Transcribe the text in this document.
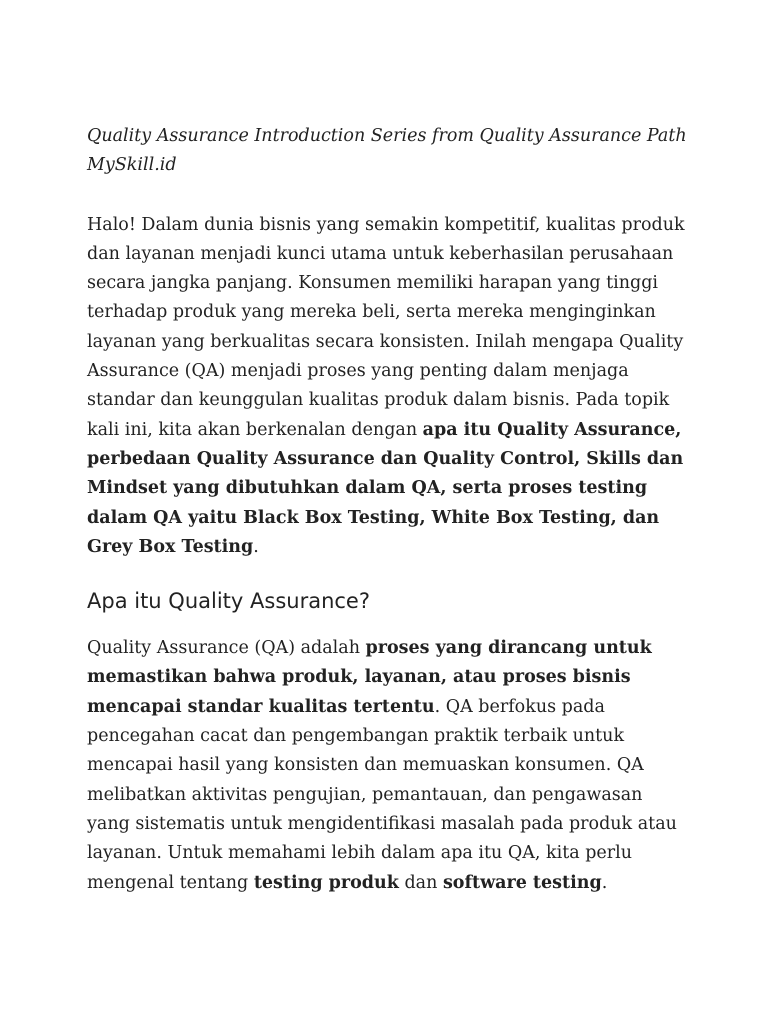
Quality Assurance Introduction Series from Quality Assurance Path MySkill.id

Halo! Dalam dunia bisnis yang semakin kompetitif, kualitas produk dan layanan menjadi kunci utama untuk keberhasilan perusahaan secara jangka panjang. Konsumen memiliki harapan yang tinggi terhadap produk yang mereka beli, serta mereka menginginkan layanan yang berkualitas secara konsisten. Inilah mengapa Quality Assurance (QA) menjadi proses yang penting dalam menjaga standar dan keunggulan kualitas produk dalam bisnis. Pada topik kali ini, kita akan berkenalan dengan apa itu Quality Assurance, perbedaan Quality Assurance dan Quality Control, Skills dan Mindset yang dibutuhkan dalam QA, serta proses testing dalam QA yaitu Black Box Testing, White Box Testing, dan Grey Box Testing.

Apa itu Quality Assurance?

Quality Assurance (QA) adalah proses yang dirancang untuk memastikan bahwa produk, layanan, atau proses bisnis mencapai standar kualitas tertentu. QA berfokus pada pencegahan cacat dan pengembangan praktik terbaik untuk mencapai hasil yang konsisten dan memuaskan konsumen. QA melibatkan aktivitas pengujian, pemantauan, dan pengawasan yang sistematis untuk mengidentifikasi masalah pada produk atau layanan. Untuk memahami lebih dalam apa itu QA, kita perlu mengenal tentang testing produk dan software testing.
